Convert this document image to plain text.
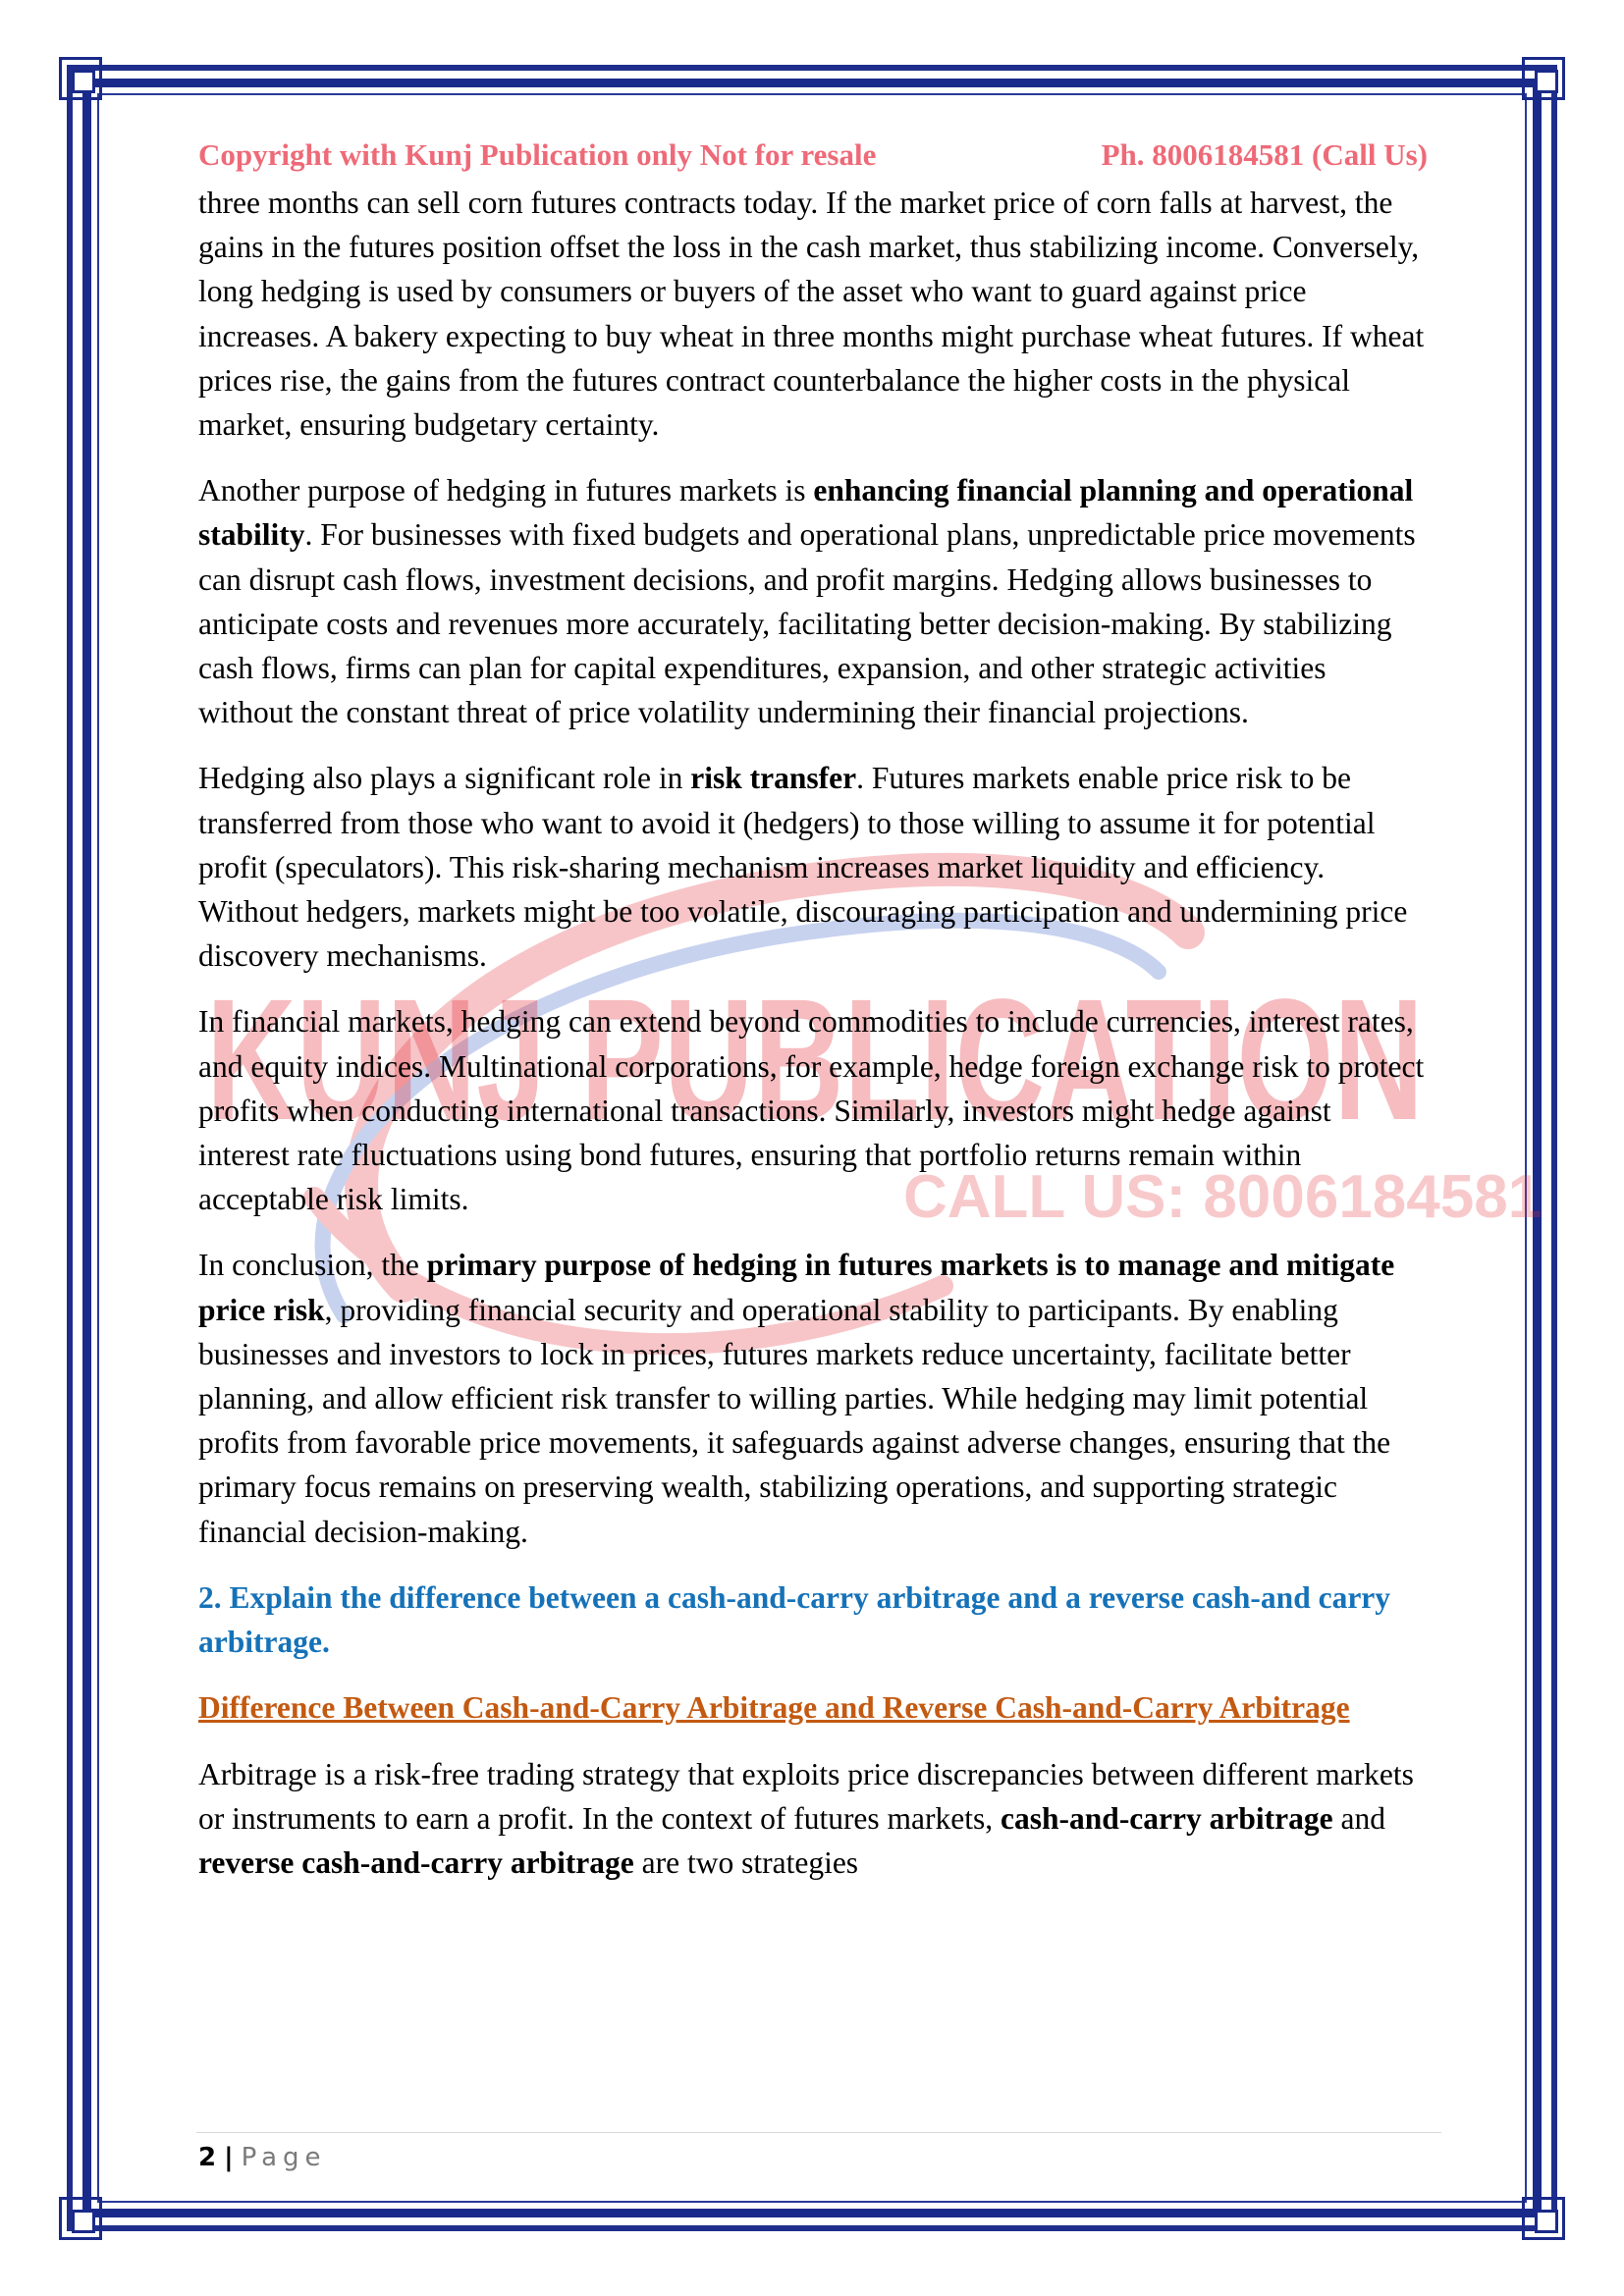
KUNJ PUBLICATION
CALL US: 8006184581
Copyright with Kunj Publication only Not for resale	Ph. 8006184581 (Call Us)

three months can sell corn futures contracts today. If the market price of corn falls at harvest, the gains in the futures position offset the loss in the cash market, thus stabilizing income. Conversely, long hedging is used by consumers or buyers of the asset who want to guard against price increases. A bakery expecting to buy wheat in three months might purchase wheat futures. If wheat prices rise, the gains from the futures contract counterbalance the higher costs in the physical market, ensuring budgetary certainty.

Another purpose of hedging in futures markets is enhancing financial planning and operational stability. For businesses with fixed budgets and operational plans, unpredictable price movements can disrupt cash flows, investment decisions, and profit margins. Hedging allows businesses to anticipate costs and revenues more accurately, facilitating better decision-making. By stabilizing cash flows, firms can plan for capital expenditures, expansion, and other strategic activities without the constant threat of price volatility undermining their financial projections.

Hedging also plays a significant role in risk transfer. Futures markets enable price risk to be transferred from those who want to avoid it (hedgers) to those willing to assume it for potential profit (speculators). This risk-sharing mechanism increases market liquidity and efficiency. Without hedgers, markets might be too volatile, discouraging participation and undermining price discovery mechanisms.

In financial markets, hedging can extend beyond commodities to include currencies, interest rates, and equity indices. Multinational corporations, for example, hedge foreign exchange risk to protect profits when conducting international transactions. Similarly, investors might hedge against interest rate fluctuations using bond futures, ensuring that portfolio returns remain within acceptable risk limits.

In conclusion, the primary purpose of hedging in futures markets is to manage and mitigate price risk, providing financial security and operational stability to participants. By enabling businesses and investors to lock in prices, futures markets reduce uncertainty, facilitate better planning, and allow efficient risk transfer to willing parties. While hedging may limit potential profits from favorable price movements, it safeguards against adverse changes, ensuring that the primary focus remains on preserving wealth, stabilizing operations, and supporting strategic financial decision-making.

2. Explain the difference between a cash-and-carry arbitrage and a reverse cash-and carry arbitrage.
Difference Between Cash-and-Carry Arbitrage and Reverse Cash-and-Carry Arbitrage

Arbitrage is a risk-free trading strategy that exploits price discrepancies between different markets or instruments to earn a profit. In the context of futures markets, cash-and-carry arbitrage and reverse cash-and-carry arbitrage are two strategies

2 | Page
